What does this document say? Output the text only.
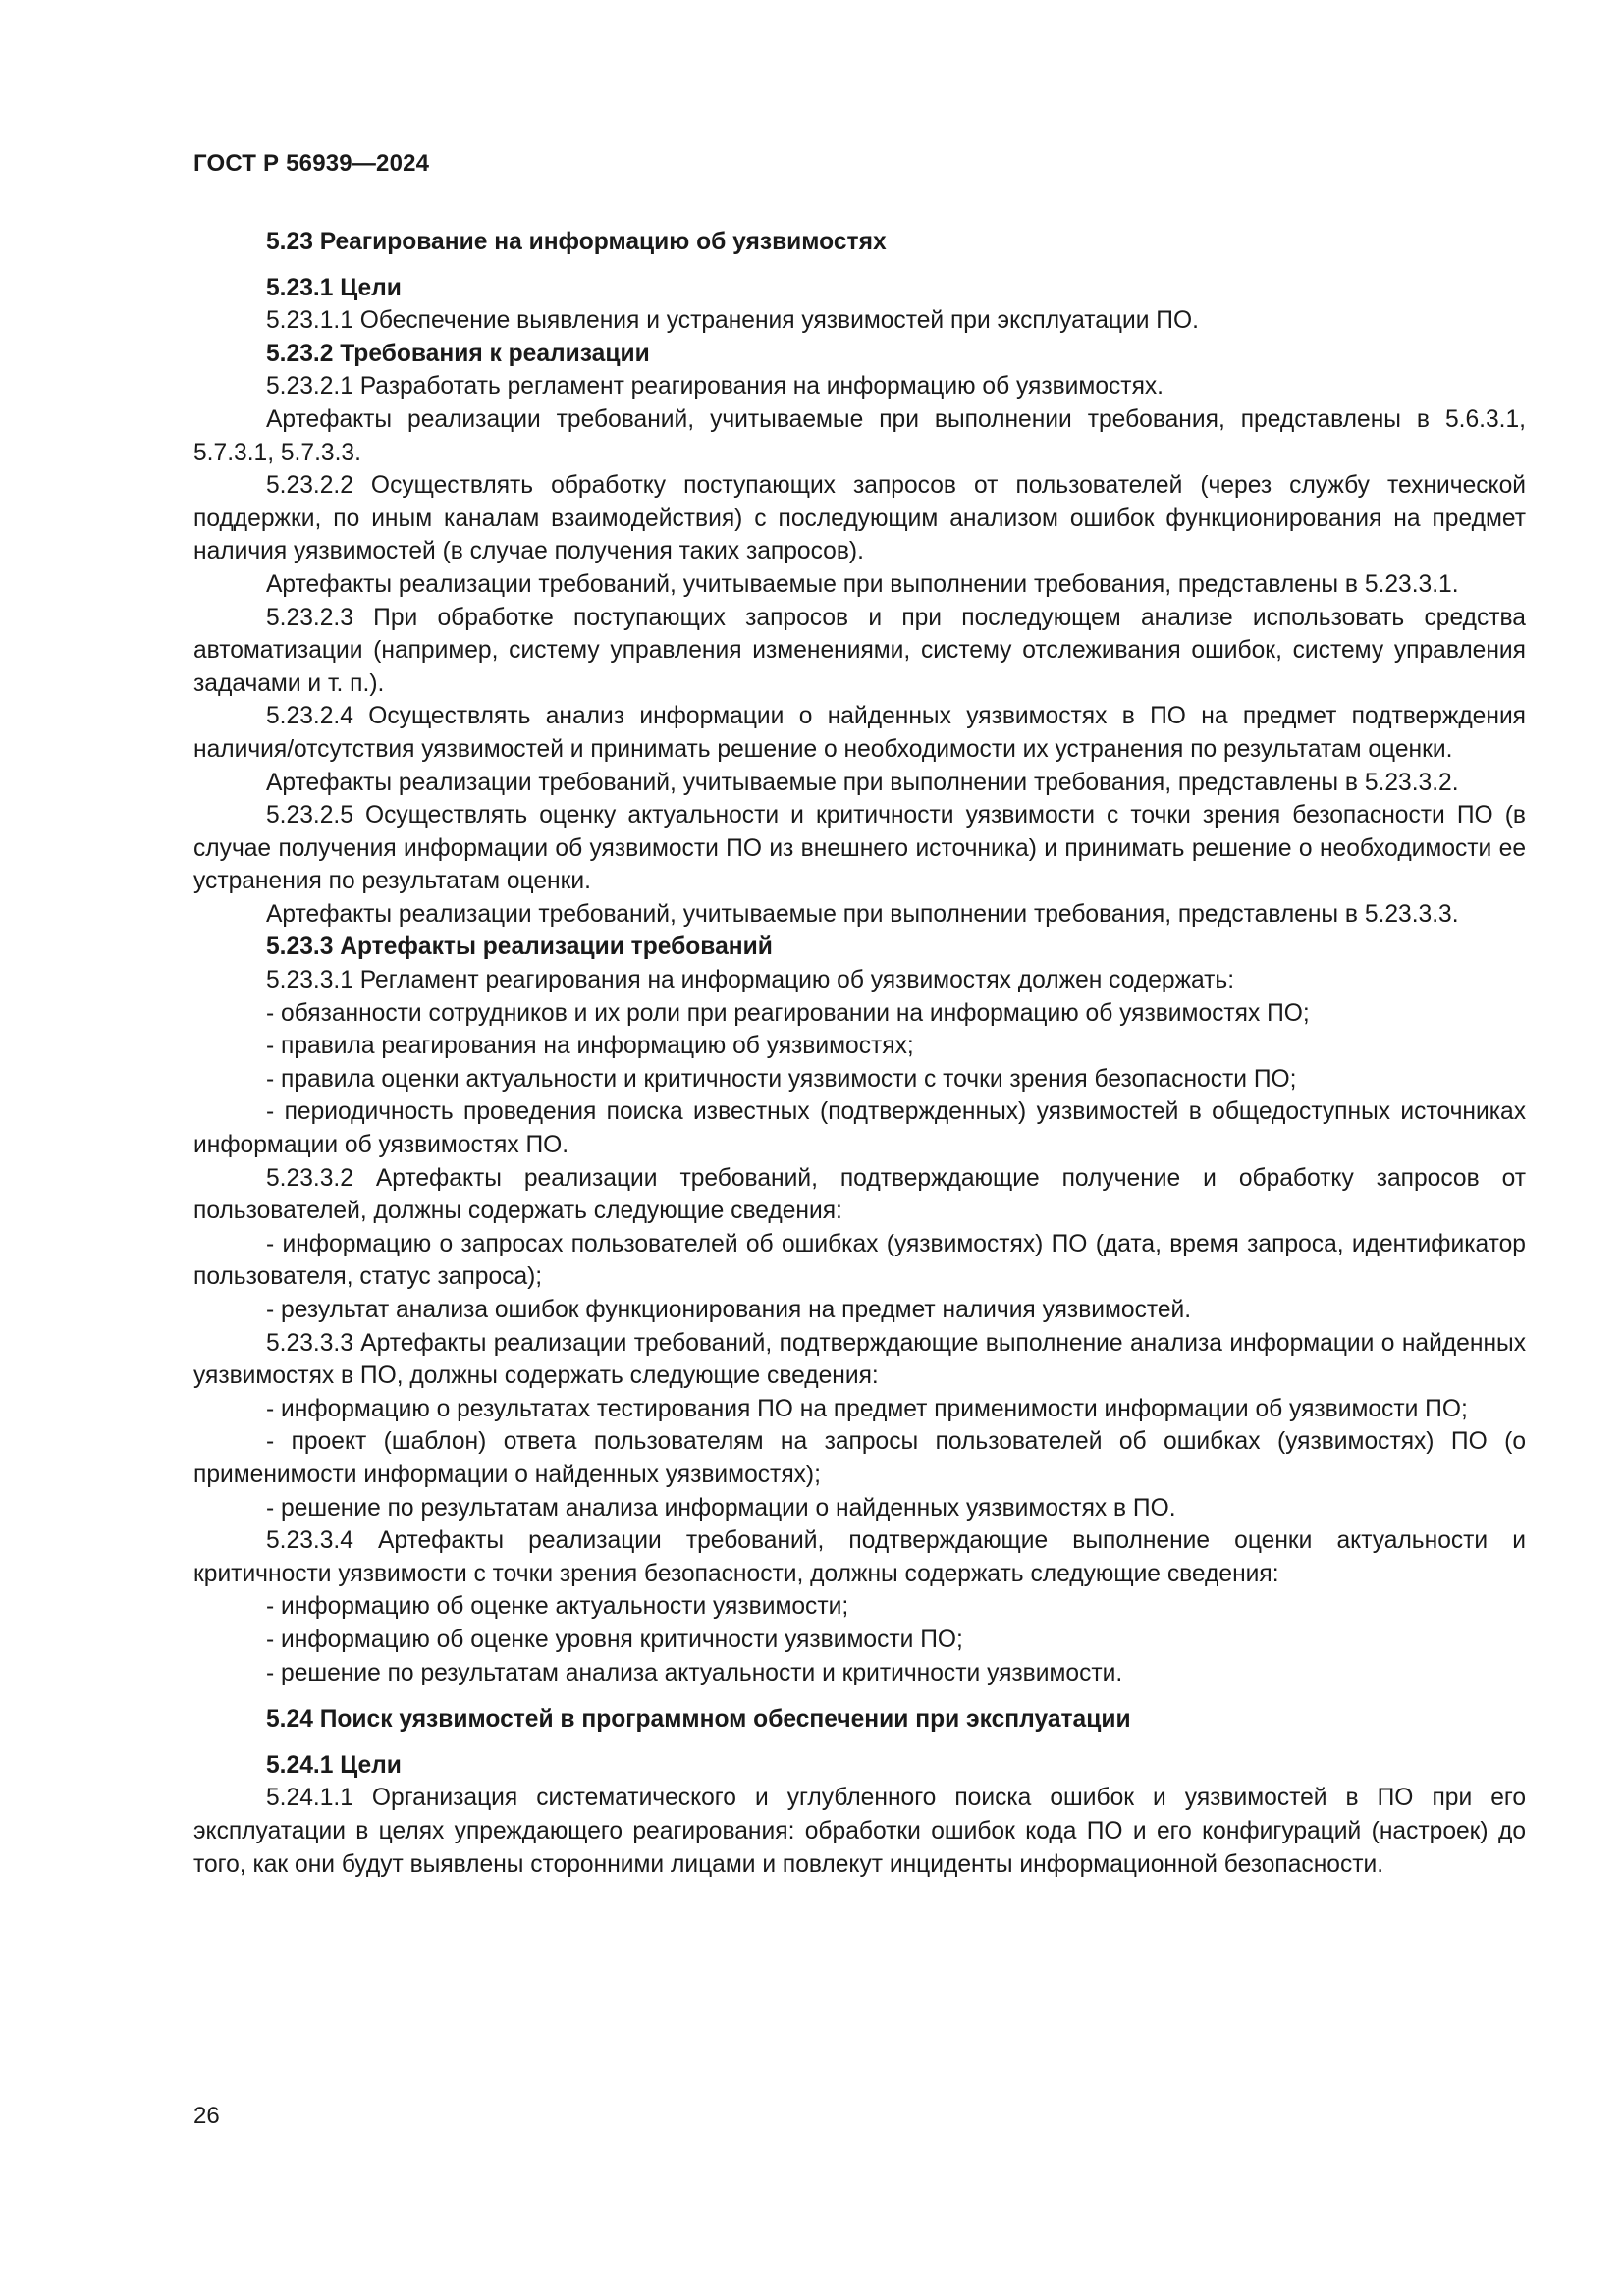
ГОСТ Р 56939—2024

5.23 Реагирование на информацию об уязвимостях

5.23.1 Цели

5.23.1.1 Обеспечение выявления и устранения уязвимостей при эксплуатации ПО.

5.23.2 Требования к реализации

5.23.2.1 Разработать регламент реагирования на информацию об уязвимостях.

Артефакты реализации требований, учитываемые при выполнении требования, представлены в 5.6.3.1, 5.7.3.1, 5.7.3.3.

5.23.2.2 Осуществлять обработку поступающих запросов от пользователей (через службу технической поддержки, по иным каналам взаимодействия) с последующим анализом ошибок функционирования на предмет наличия уязвимостей (в случае получения таких запросов).

Артефакты реализации требований, учитываемые при выполнении требования, представлены в 5.23.3.1.

5.23.2.3 При обработке поступающих запросов и при последующем анализе использовать средства автоматизации (например, систему управления изменениями, систему отслеживания ошибок, систему управления задачами и т. п.).

5.23.2.4 Осуществлять анализ информации о найденных уязвимостях в ПО на предмет подтверждения наличия/отсутствия уязвимостей и принимать решение о необходимости их устранения по результатам оценки.

Артефакты реализации требований, учитываемые при выполнении требования, представлены в 5.23.3.2.

5.23.2.5 Осуществлять оценку актуальности и критичности уязвимости с точки зрения безопасности ПО (в случае получения информации об уязвимости ПО из внешнего источника) и принимать решение о необходимости ее устранения по результатам оценки.

Артефакты реализации требований, учитываемые при выполнении требования, представлены в 5.23.3.3.

5.23.3 Артефакты реализации требований

5.23.3.1 Регламент реагирования на информацию об уязвимостях должен содержать:

- обязанности сотрудников и их роли при реагировании на информацию об уязвимостях ПО;

- правила реагирования на информацию об уязвимостях;

- правила оценки актуальности и критичности уязвимости с точки зрения безопасности ПО;

- периодичность проведения поиска известных (подтвержденных) уязвимостей в общедоступных источниках информации об уязвимостях ПО.

5.23.3.2 Артефакты реализации требований, подтверждающие получение и обработку запросов от пользователей, должны содержать следующие сведения:

- информацию о запросах пользователей об ошибках (уязвимостях) ПО (дата, время запроса, идентификатор пользователя, статус запроса);

- результат анализа ошибок функционирования на предмет наличия уязвимостей.

5.23.3.3 Артефакты реализации требований, подтверждающие выполнение анализа информации о найденных уязвимостях в ПО, должны содержать следующие сведения:

- информацию о результатах тестирования ПО на предмет применимости информации об уязвимости ПО;

- проект (шаблон) ответа пользователям на запросы пользователей об ошибках (уязвимостях) ПО (о применимости информации о найденных уязвимостях);

- решение по результатам анализа информации о найденных уязвимостях в ПО.

5.23.3.4 Артефакты реализации требований, подтверждающие выполнение оценки актуальности и критичности уязвимости с точки зрения безопасности, должны содержать следующие сведения:

- информацию об оценке актуальности уязвимости;

- информацию об оценке уровня критичности уязвимости ПО;

- решение по результатам анализа актуальности и критичности уязвимости.

5.24 Поиск уязвимостей в программном обеспечении при эксплуатации

5.24.1 Цели

5.24.1.1 Организация систематического и углубленного поиска ошибок и уязвимостей в ПО при его эксплуатации в целях упреждающего реагирования: обработки ошибок кода ПО и его конфигураций (настроек) до того, как они будут выявлены сторонними лицами и повлекут инциденты информационной безопасности.

26
